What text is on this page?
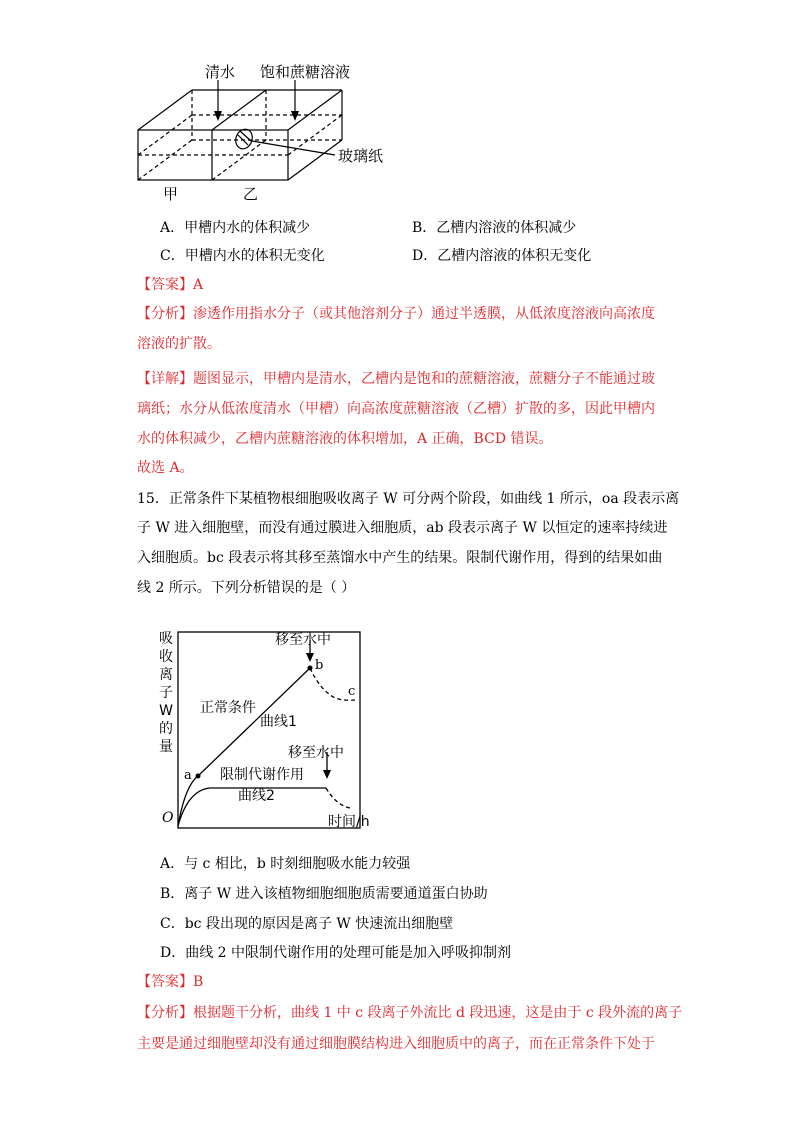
清水 饱和蔗糖溶液
玻璃纸
甲	乙
A．甲槽内水的体积减少	B．乙槽内溶液的体积减少
C．甲槽内水的体积无变化	D．乙槽内溶液的体积无变化
【答案】A
【分析】渗透作用指水分子（或其他溶剂分子）通过半透膜，从低浓度溶液向高浓度
溶液的扩散。
【详解】题图显示，甲槽内是清水，乙槽内是饱和的蔗糖溶液，蔗糖分子不能通过玻
璃纸；水分从低浓度清水（甲槽）向高浓度蔗糖溶液（乙槽）扩散的多，因此甲槽内
水的体积减少，乙槽内蔗糖溶液的体积增加，A 正确，BCD 错误。
故选 A。
15．正常条件下某植物根细胞吸收离子 W 可分两个阶段，如曲线 1 所示，oa 段表示离
子 W 进入细胞壁，而没有通过膜进入细胞质，ab 段表示离子 W 以恒定的速率持续进
入细胞质。bc 段表示将其移至蒸馏水中产生的结果。限制代谢作用，得到的结果如曲
线 2 所示。下列分析错误的是（ ）
吸
收
离
子
W
的
量
移至水中
b
c
正常条件
曲线1
移至水中
a 限制代谢作用
曲线2
O	时间/h
A．与 c 相比，b 时刻细胞吸水能力较强
B．离子 W 进入该植物细胞细胞质需要通道蛋白协助
C．bc 段出现的原因是离子 W 快速流出细胞壁
D．曲线 2 中限制代谢作用的处理可能是加入呼吸抑制剂
【答案】B
【分析】根据题干分析，曲线 1 中 c 段离子外流比 d 段迅速，这是由于 c 段外流的离子
主要是通过细胞壁却没有通过细胞膜结构进入细胞质中的离子，而在正常条件下处于
